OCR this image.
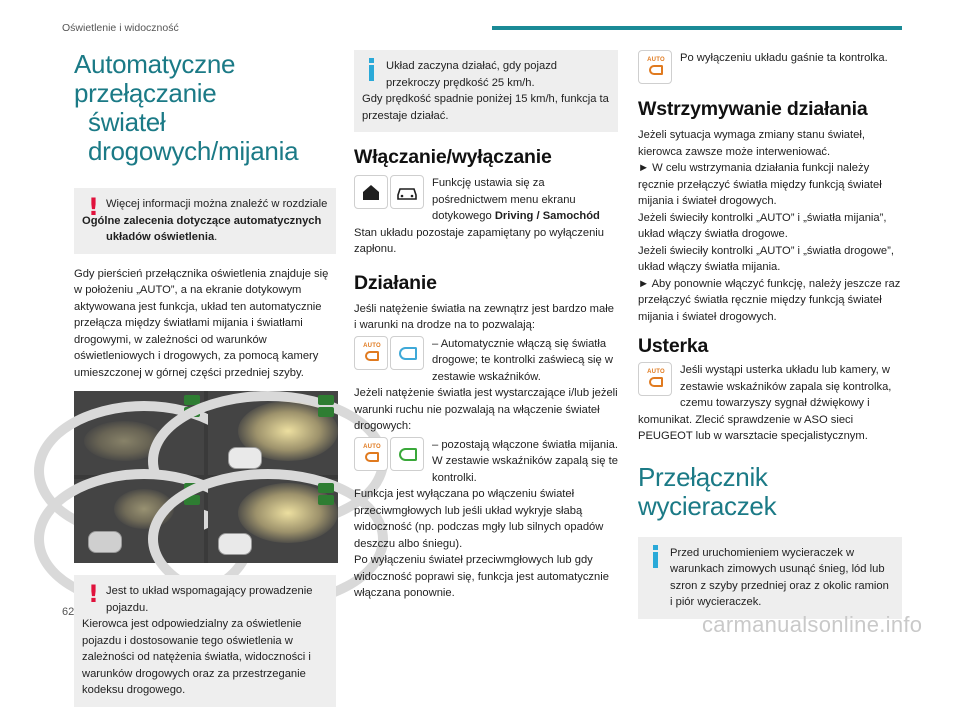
Oświetlenie i widoczność
Automatyczne przełączanie
świateł drogowych/mijania
! Więcej informacji można znaleźć w rozdziale Ogólne zalecenia dotyczące automatycznych układów oświetlenia.

Gdy pierścień przełącznika oświetlenia znajduje się w położeniu „AUTO”, a na ekranie dotykowym aktywowana jest funkcja, układ ten automatycznie przełącza między światłami mijania i światłami drogowymi, w zależności od warunków oświetleniowych i drogowych, za pomocą kamery umieszczonej w górnej części przedniej szyby.

! Jest to układ wspomagający prowadzenie pojazdu.

Kierowca jest odpowiedzialny za oświetlenie pojazdu i dostosowanie tego oświetlenia w zależności od natężenia światła, widoczności i warunków drogowych oraz za przestrzeganie kodeksu drogowego.

Układ zaczyna działać, gdy pojazd przekroczy prędkość 25 km/h.

Gdy prędkość spadnie poniżej 15 km/h, funkcja ta przestaje działać.

Włączanie/wyłączanie

Funkcję ustawia się za pośrednictwem menu ekranu dotykowego Driving / Samochód

Stan układu pozostaje zapamiętany po wyłączeniu zapłonu.

Działanie

Jeśli natężenie światła na zewnątrz jest bardzo małe i warunki na drodze na to pozwalają:

AUTO	– Automatycznie włączą się światła drogowe; te kontrolki zaświecą się w zestawie wskaźników.

Jeżeli natężenie światła jest wystarczające i/lub jeżeli warunki ruchu nie pozwalają na włączenie świateł drogowych:

AUTO	– pozostają włączone światła mijania. W zestawie wskaźników zapalą się te kontrolki.

Funkcja jest wyłączana po włączeniu świateł przeciwmgłowych lub jeśli układ wykryje słabą widoczność (np. podczas mgły lub silnych opadów deszczu albo śniegu).

Po wyłączeniu świateł przeciwmgłowych lub gdy widoczność poprawi się, funkcja jest automatycznie włączana ponownie.

AUTO	Po wyłączeniu układu gaśnie ta kontrolka.

Wstrzymywanie działania

Jeżeli sytuacja wymaga zmiany stanu świateł, kierowca zawsze może interweniować.

► W celu wstrzymania działania funkcji należy ręcznie przełączyć światła między funkcją świateł mijania i świateł drogowych.

Jeżeli świeciły kontrolki „AUTO” i „światła mijania”, układ włączy światła drogowe.

Jeżeli świeciły kontrolki „AUTO” i „światła drogowe”, układ włączy światła mijania.

► Aby ponownie włączyć funkcję, należy jeszcze raz przełączyć światła ręcznie między funkcją świateł mijania i świateł drogowych.

Usterka
AUTO	Jeśli wystąpi usterka układu lub kamery, w zestawie wskaźników zapala się kontrolka, czemu towarzyszy sygnał dźwiękowy i komunikat. Zlecić sprawdzenie w ASO sieci PEUGEOT lub w warsztacie specjalistycznym.

Przełącznik wycieraczek

Przed uruchomieniem wycieraczek w warunkach zimowych usunąć śnieg, lód lub szron z szyby przedniej oraz z okolic ramion i piór wycieraczek.

62	carmanualsonline.info
